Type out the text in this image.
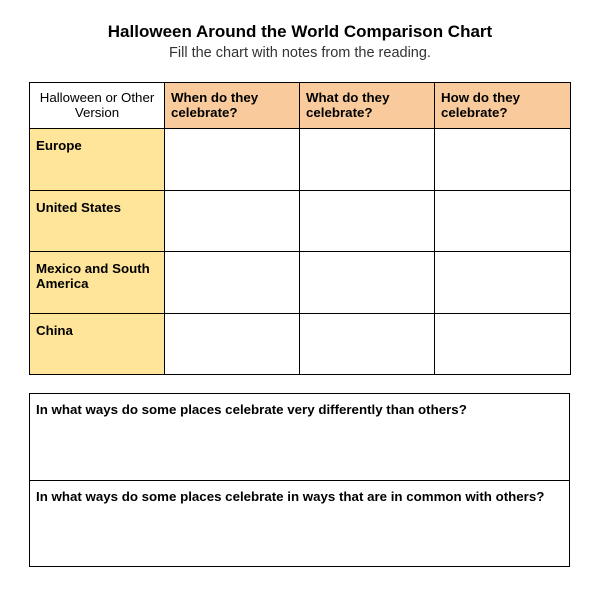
Halloween Around the World Comparison Chart
Fill the chart with notes from the reading.
Halloween or Other Version	When do they celebrate?	What do they celebrate?	How do they celebrate?
Europe			
United States			
Mexico and South America			
China			
In what ways do some places celebrate very differently than others?
In what ways do some places celebrate in ways that are in common with others?
